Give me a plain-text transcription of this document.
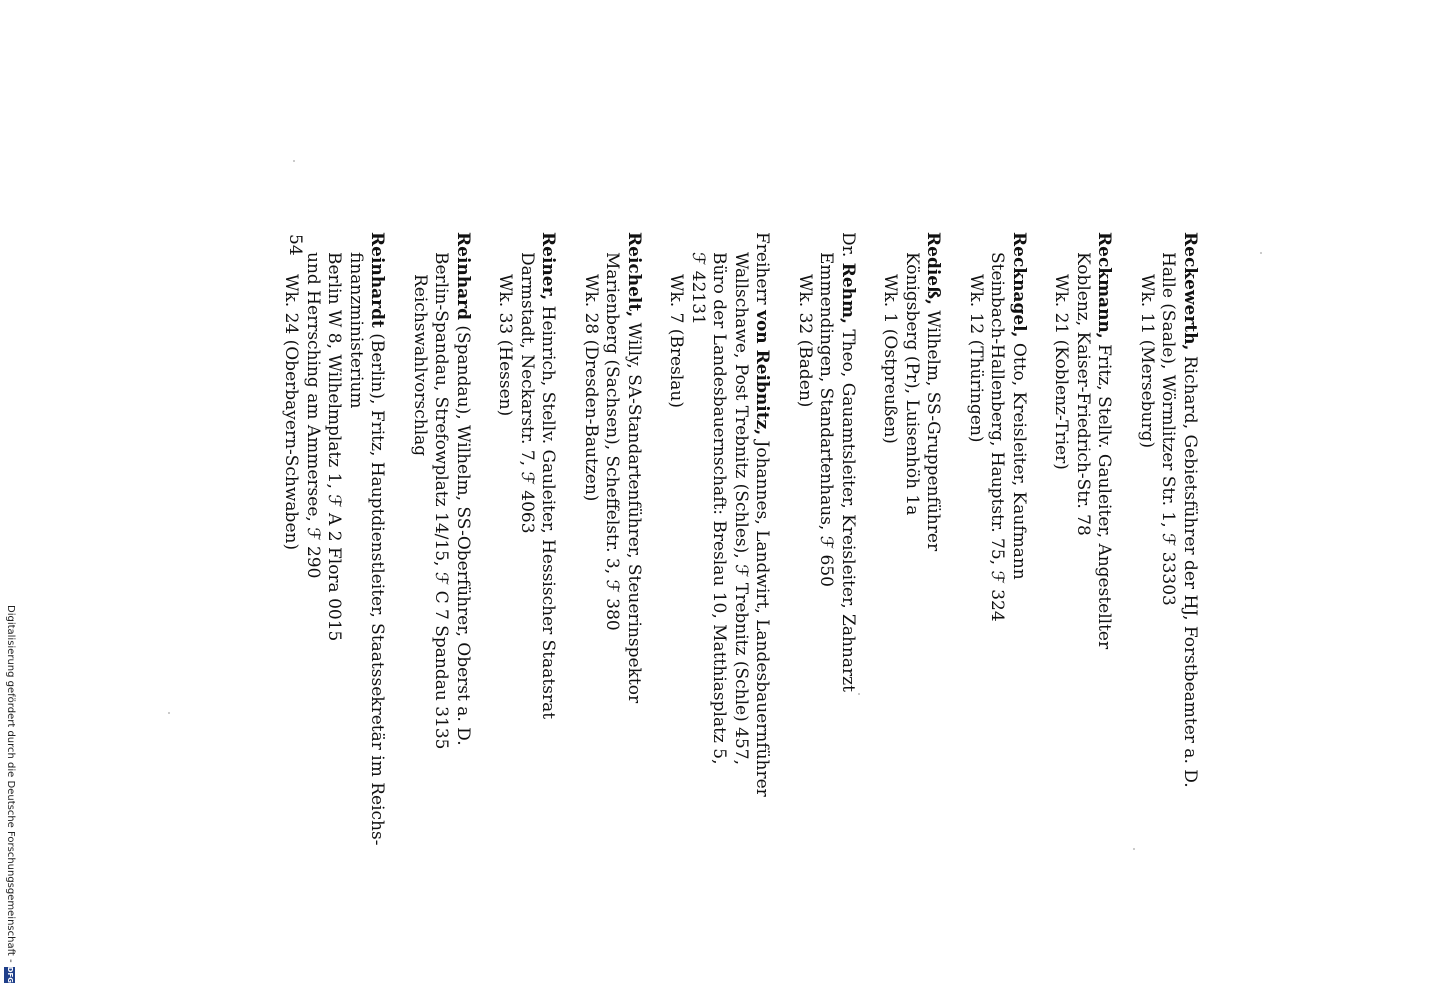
Reckewerth, Richard, Gebietsführer der HJ, Forstbeamter a. D.

Halle (Saale), Wörmlitzer Str. 1, ℱ 33303

Wk. 11 (Merseburg)

Reckmann, Fritz, Stellv. Gauleiter, Angestellter

Koblenz, Kaiser-Friedrich-Str. 78

Wk. 21 (Koblenz-Trier)

Recknagel, Otto, Kreisleiter, Kaufmann

Steinbach-Hallenberg, Hauptstr. 75, ℱ 324

Wk. 12 (Thüringen)

Redieß, Wilhelm, SS-Gruppenführer

Königsberg (Pr), Luisenhöh 1a

Wk. 1 (Ostpreußen)

Dr. Rehm, Theo, Gauamtsleiter, Kreisleiter, Zahnarzt

Emmendingen, Standartenhaus, ℱ 650

Wk. 32 (Baden)

Freiherr von Reibnitz, Johannes, Landwirt, Landesbauernführer

Wallschawe, Post Trebnitz (Schles), ℱ Trebnitz (Schle) 457,

Büro der Landesbauernschaft: Breslau 10, Matthiasplatz 5,

ℱ 42131

Wk. 7 (Breslau)

Reichelt, Willy, SA-Standartenführer, Steuerinspektor

Marienberg (Sachsen), Scheffelstr. 3, ℱ 380

Wk. 28 (Dresden-Bautzen)

Reiner, Heinrich, Stellv. Gauleiter, Hessischer Staatsrat

Darmstadt, Neckarstr. 7, ℱ 4063

Wk. 33 (Hessen)

Reinhard (Spandau), Wilhelm, SS-Oberführer, Oberst a. D.

Berlin-Spandau, Strefowplatz 14/15, ℱ C 7 Spandau 3135

Reichswahlvorschlag

Reinhardt (Berlin), Fritz, Hauptdienstleiter, Staatssekretär im Reichs-

finanzministerium

Berlin W 8, Wilhelmplatz 1, ℱ A 2 Flora 0015

und Herrsching am Ammersee, ℱ 290

Wk. 24 (Oberbayern-Schwaben)

54
Digitalisierung gefördert durch die Deutsche Forschungsgemeinschaft -
DFG
